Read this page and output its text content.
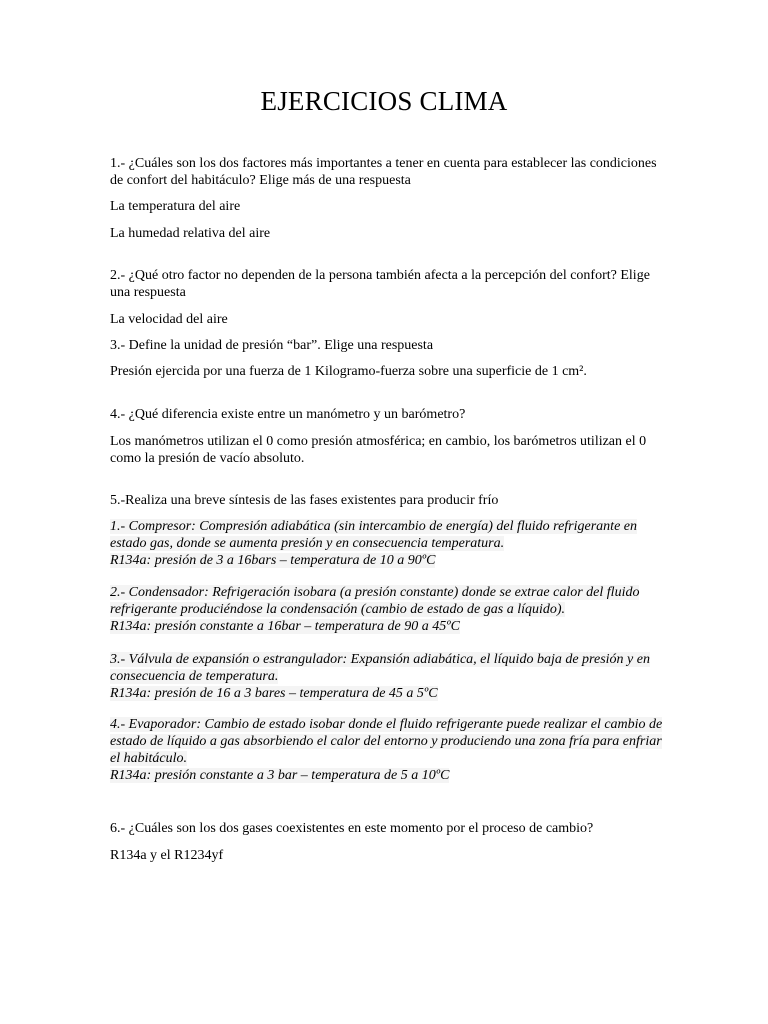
EJERCICIOS CLIMA

1.- ¿Cuáles son los dos factores más importantes a tener en cuenta para establecer las condiciones de confort del habitáculo? Elige más de una respuesta

La temperatura del aire

La humedad relativa del aire

2.- ¿Qué otro factor no dependen de la persona también afecta a la percepción del confort? Elige una respuesta

La velocidad del aire

3.- Define la unidad de presión “bar”. Elige una respuesta

Presión ejercida por una fuerza de 1 Kilogramo-fuerza sobre una superficie de 1 cm².

4.- ¿Qué diferencia existe entre un manómetro y un barómetro?

Los manómetros utilizan el 0 como presión atmosférica; en cambio, los barómetros utilizan el 0 como la presión de vacío absoluto.

5.-Realiza una breve síntesis de las fases existentes para producir frío

1.- Compresor: Compresión adiabática (sin intercambio de energía) del fluido refrigerante en estado gas, donde se aumenta presión y en consecuencia temperatura.
R134a: presión de 3 a 16bars – temperatura de 10 a 90ºC

2.- Condensador: Refrigeración isobara (a presión constante) donde se extrae calor del fluido refrigerante produciéndose la condensación (cambio de estado de gas a líquido).
R134a: presión constante a 16bar – temperatura de 90 a 45ºC

3.- Válvula de expansión o estrangulador: Expansión adiabática, el líquido baja de presión y en consecuencia de temperatura.
R134a: presión de 16 a 3 bares – temperatura de 45 a 5ºC

4.- Evaporador: Cambio de estado isobar donde el fluido refrigerante puede realizar el cambio de estado de líquido a gas absorbiendo el calor del entorno y produciendo una zona fría para enfriar el habitáculo.
R134a: presión constante a 3 bar – temperatura de 5 a 10ºC

6.- ¿Cuáles son los dos gases coexistentes en este momento por el proceso de cambio?

R134a y el R1234yf
